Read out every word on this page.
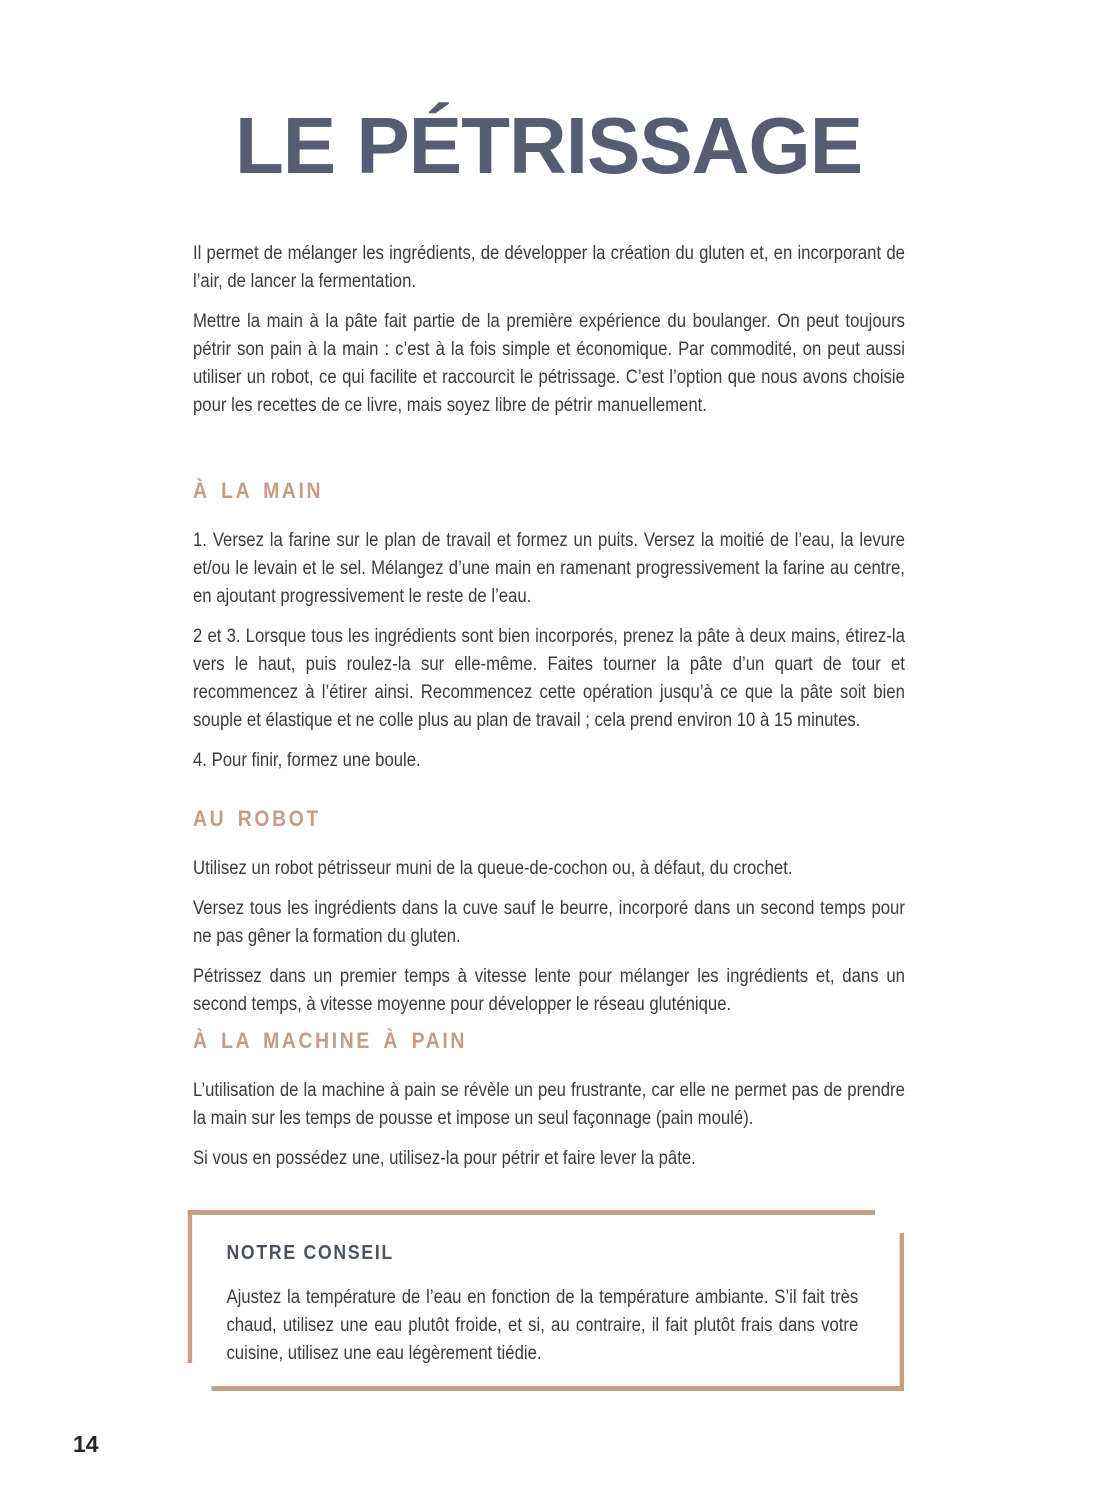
LE PÉTRISSAGE

Il permet de mélanger les ingrédients, de développer la création du gluten et, en incorporant de l’air, de lancer la fermentation.

Mettre la main à la pâte fait partie de la première expérience du boulanger. On peut toujours pétrir son pain à la main : c’est à la fois simple et économique. Par commodité, on peut aussi utiliser un robot, ce qui facilite et raccourcit le pétrissage. C’est l’option que nous avons choisie pour les recettes de ce livre, mais soyez libre de pétrir manuellement.

À LA MAIN

1. Versez la farine sur le plan de travail et formez un puits. Versez la moitié de l’eau, la levure et/ou le levain et le sel. Mélangez d’une main en ramenant progressivement la farine au centre, en ajoutant progressivement le reste de l’eau.

2 et 3. Lorsque tous les ingrédients sont bien incorporés, prenez la pâte à deux mains, étirez-la vers le haut, puis roulez-la sur elle-même. Faites tourner la pâte d’un quart de tour et recommencez à l’étirer ainsi. Recommencez cette opération jusqu’à ce que la pâte soit bien souple et élastique et ne colle plus au plan de travail ; cela prend environ 10 à 15 minutes.

4. Pour finir, formez une boule.

AU ROBOT

Utilisez un robot pétrisseur muni de la queue-de-cochon ou, à défaut, du crochet.

Versez tous les ingrédients dans la cuve sauf le beurre, incorporé dans un second temps pour ne pas gêner la formation du gluten.

Pétrissez dans un premier temps à vitesse lente pour mélanger les ingrédients et, dans un second temps, à vitesse moyenne pour développer le réseau gluténique.

À LA MACHINE À PAIN

L’utilisation de la machine à pain se révèle un peu frustrante, car elle ne permet pas de prendre la main sur les temps de pousse et impose un seul façonnage (pain moulé).

Si vous en possédez une, utilisez-la pour pétrir et faire lever la pâte.

NOTRE CONSEIL

Ajustez la température de l’eau en fonction de la température ambiante. S’il fait très chaud, utilisez une eau plutôt froide, et si, au contraire, il fait plutôt frais dans votre cuisine, utilisez une eau légèrement tiédie.

14
